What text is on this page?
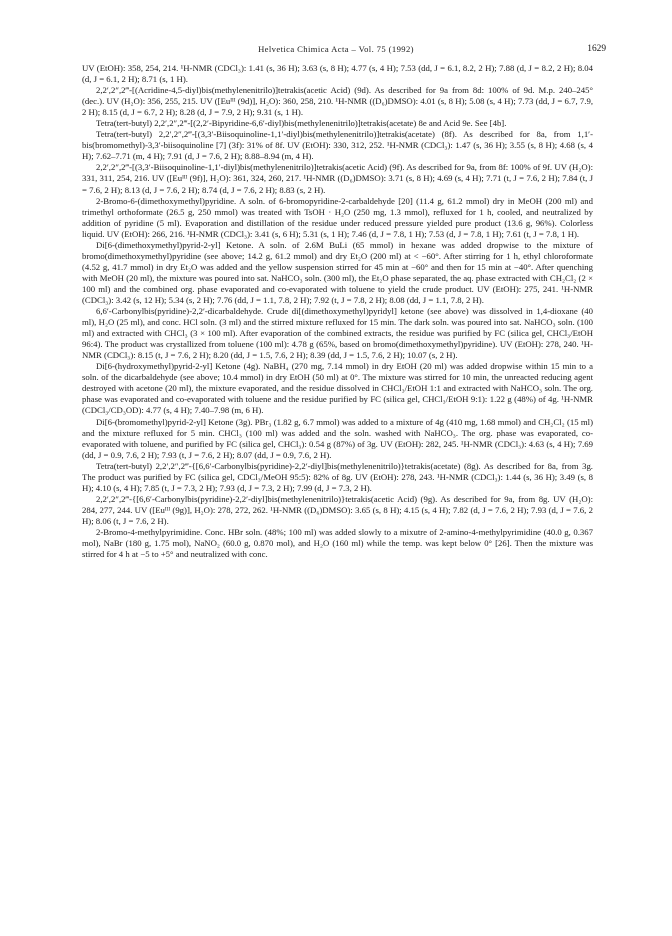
Helvetica Chimica Acta – Vol. 75 (1992)	1629

UV (EtOH): 358, 254, 214. ¹H-NMR (CDCl₃): 1.41 (s, 36 H); 3.63 (s, 8 H); 4.77 (s, 4 H); 7.53 (dd, J = 6.1, 8.2, 2 H); 7.88 (d, J = 8.2, 2 H); 8.04 (d, J = 6.1, 2 H); 8.71 (s, 1 H).

2,2′,2″,2‴-[(Acridine-4,5-diyl)bis(methylenenitrilo)]tetrakis(acetic Acid) (9d). As described for 9a from 8d: 100% of 9d. M.p. 240–245° (dec.). UV (H₂O): 356, 255, 215. UV ([Euᴵᴵᴵ (9d)], H₂O): 360, 258, 210. ¹H-NMR ((D₆)DMSO): 4.01 (s, 8 H); 5.08 (s, 4 H); 7.73 (dd, J = 6.7, 7.9, 2 H); 8.15 (d, J = 6.7, 2 H); 8.28 (d, J = 7.9, 2 H); 9.31 (s, 1 H).

Tetra(tert-butyl) 2,2′,2″,2‴-[(2,2′-Bipyridine-6,6′-diyl)bis(methylenenitrilo)]tetrakis(acetate) 8e and Acid 9e. See [4b].

Tetra(tert-butyl) 2,2′,2″,2‴-[(3,3′-Biisoquinoline-1,1′-diyl)bis(methylenenitrilo)]tetrakis(acetate) (8f). As described for 8a, from 1,1′-bis(bromomethyl)-3,3′-biisoquinoline [7] (3f): 31% of 8f. UV (EtOH): 330, 312, 252. ¹H-NMR (CDCl₃): 1.47 (s, 36 H); 3.55 (s, 8 H); 4.68 (s, 4 H); 7.62–7.71 (m, 4 H); 7.91 (d, J = 7.6, 2 H); 8.88–8.94 (m, 4 H).

2,2′,2″,2‴-[(3,3′-Biisoquinoline-1,1′-diyl)bis(methylenenitrilo)]tetrakis(acetic Acid) (9f). As described for 9a, from 8f: 100% of 9f. UV (H₂O): 331, 311, 254, 216. UV ([Euᴵᴵᴵ (9f)], H₂O): 361, 324, 260, 217. ¹H-NMR ((D₆)DMSO): 3.71 (s, 8 H); 4.69 (s, 4 H); 7.71 (t, J = 7.6, 2 H); 7.84 (t, J = 7.6, 2 H); 8.13 (d, J = 7.6, 2 H); 8.74 (d, J = 7.6, 2 H); 8.83 (s, 2 H).

2-Bromo-6-(dimethoxymethyl)pyridine. A soln. of 6-bromopyridine-2-carbaldehyde [20] (11.4 g, 61.2 mmol) dry in MeOH (200 ml) and trimethyl orthoformate (26.5 g, 250 mmol) was treated with TsOH · H₂O (250 mg, 1.3 mmol), refluxed for 1 h, cooled, and neutralized by addition of pyridine (5 ml). Evaporation and distillation of the residue under reduced pressure yielded pure product (13.6 g, 96%). Colorless liquid. UV (EtOH): 266, 216. ¹H-NMR (CDCl₃): 3.41 (s, 6 H); 5.31 (s, 1 H); 7.46 (d, J = 7.8, 1 H); 7.53 (d, J = 7.8, 1 H); 7.61 (t, J = 7.8, 1 H).

Di[6-(dimethoxymethyl)pyrid-2-yl] Ketone. A soln. of 2.6M BuLi (65 mmol) in hexane was added dropwise to the mixture of bromo(dimethoxymethyl)pyridine (see above; 14.2 g, 61.2 mmol) and dry Et₂O (200 ml) at < −60°. After stirring for 1 h, ethyl chloroformate (4.52 g, 41.7 mmol) in dry Et₂O was added and the yellow suspension stirred for 45 min at −60° and then for 15 min at −40°. After quenching with MeOH (20 ml), the mixture was poured into sat. NaHCO₃ soln. (300 ml), the Et₂O phase separated, the aq. phase extracted with CH₂Cl₂ (2 × 100 ml) and the combined org. phase evaporated and co-evaporated with toluene to yield the crude product. UV (EtOH): 275, 241. ¹H-NMR (CDCl₃): 3.42 (s, 12 H); 5.34 (s, 2 H); 7.76 (dd, J = 1.1, 7.8, 2 H); 7.92 (t, J = 7.8, 2 H); 8.08 (dd, J = 1.1, 7.8, 2 H).

6,6′-Carbonylbis(pyridine)-2,2′-dicarbaldehyde. Crude di[(dimethoxymethyl)pyridyl] ketone (see above) was dissolved in 1,4-dioxane (40 ml), H₂O (25 ml), and conc. HCl soln. (3 ml) and the stirred mixture refluxed for 15 min. The dark soln. was poured into sat. NaHCO₃ soln. (100 ml) and extracted with CHCl₃ (3 × 100 ml). After evaporation of the combined extracts, the residue was purified by FC (silica gel, CHCl₃/EtOH 96:4). The product was crystallized from toluene (100 ml): 4.78 g (65%, based on bromo(dimethoxymethyl)pyridine). UV (EtOH): 278, 240. ¹H-NMR (CDCl₃): 8.15 (t, J = 7.6, 2 H); 8.20 (dd, J = 1.5, 7.6, 2 H); 8.39 (dd, J = 1.5, 7.6, 2 H); 10.07 (s, 2 H).

Di[6-(hydroxymethyl)pyrid-2-yl] Ketone (4g). NaBH₄ (270 mg, 7.14 mmol) in dry EtOH (20 ml) was added dropwise within 15 min to a soln. of the dicarbaldehyde (see above; 10.4 mmol) in dry EtOH (50 ml) at 0°. The mixture was stirred for 10 min, the unreacted reducing agent destroyed with acetone (20 ml), the mixture evaporated, and the residue dissolved in CHCl₃/EtOH 1:1 and extracted with NaHCO₃ soln. The org. phase was evaporated and co-evaporated with toluene and the residue purified by FC (silica gel, CHCl₃/EtOH 9:1): 1.22 g (48%) of 4g. ¹H-NMR (CDCl₃/CD₃OD): 4.77 (s, 4 H); 7.40–7.98 (m, 6 H).

Di[6-(bromomethyl)pyrid-2-yl] Ketone (3g). PBr₃ (1.82 g, 6.7 mmol) was added to a mixture of 4g (410 mg, 1.68 mmol) and CH₂Cl₂ (15 ml) and the mixture refluxed for 5 min. CHCl₃ (100 ml) was added and the soln. washed with NaHCO₃. The org. phase was evaporated, co-evaporated with toluene, and purified by FC (silica gel, CHCl₃): 0.54 g (87%) of 3g. UV (EtOH): 282, 245. ¹H-NMR (CDCl₃): 4.63 (s, 4 H); 7.69 (dd, J = 0.9, 7.6, 2 H); 7.93 (t, J = 7.6, 2 H); 8.07 (dd, J = 0.9, 7.6, 2 H).

Tetra(tert-butyl) 2,2′,2″,2‴-{[6,6′-Carbonylbis(pyridine)-2,2′-diyl]bis(methylenenitrilo)}tetrakis(acetate) (8g). As described for 8a, from 3g. The product was purified by FC (silica gel, CDCl₃/MeOH 95:5): 82% of 8g. UV (EtOH): 278, 243. ¹H-NMR (CDCl₃): 1.44 (s, 36 H); 3.49 (s, 8 H); 4.10 (s, 4 H); 7.85 (t, J = 7.3, 2 H); 7.93 (d, J = 7.3, 2 H); 7.99 (d, J = 7.3, 2 H).

2,2′,2″,2‴-{[6,6′-Carbonylbis(pyridine)-2,2′-diyl]bis(methylenenitrilo)}tetrakis(acetic Acid) (9g). As described for 9a, from 8g. UV (H₂O): 284, 277, 244. UV ([Euᴵᴵᴵ (9g)], H₂O): 278, 272, 262. ¹H-NMR ((D₆)DMSO): 3.65 (s, 8 H); 4.15 (s, 4 H); 7.82 (d, J = 7.6, 2 H); 7.93 (d, J = 7.6, 2 H); 8.06 (t, J = 7.6, 2 H).

2-Bromo-4-methylpyrimidine. Conc. HBr soln. (48%; 100 ml) was added slowly to a mixutre of 2-amino-4-methylpyrimidine (40.0 g, 0.367 mol), NaBr (180 g, 1.75 mol), NaNO₂ (60.0 g, 0.870 mol), and H₂O (160 ml) while the temp. was kept below 0° [26]. Then the mixture was stirred for 4 h at −5 to +5° and neutralized with conc.
